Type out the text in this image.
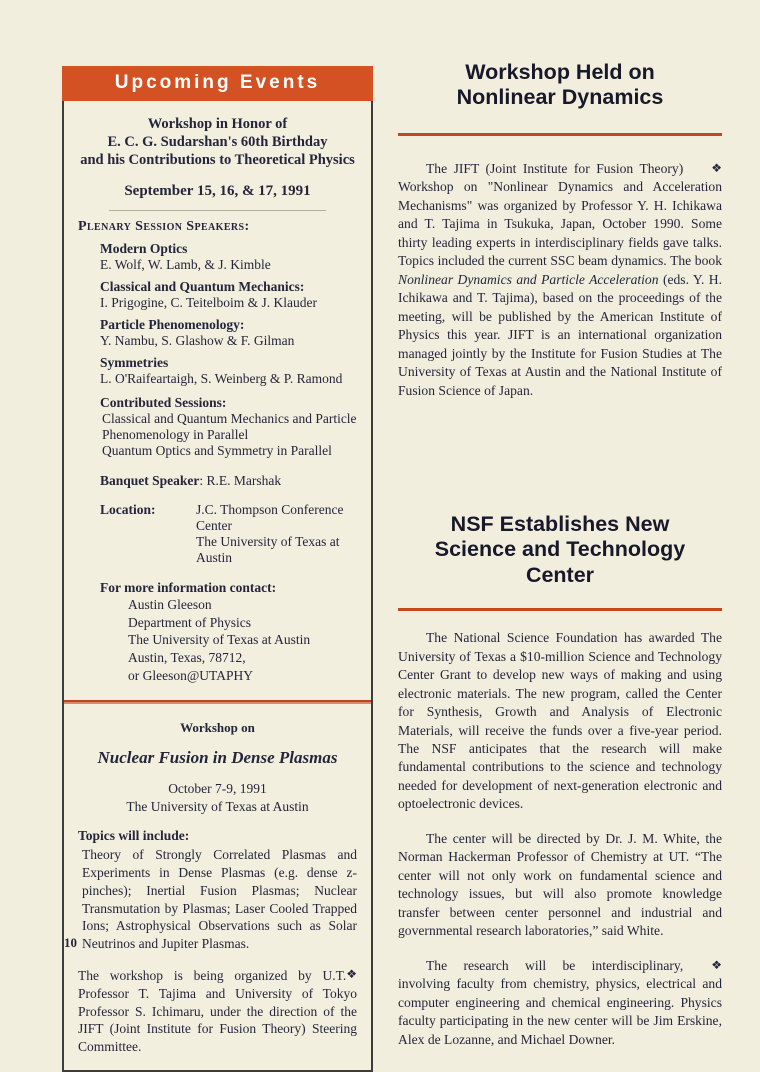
Upcoming Events
Workshop in Honor of
E. C. G. Sudarshan's 60th Birthday
and his Contributions to Theoretical Physics
September 15, 16, & 17, 1991
Plenary Session Speakers:
Modern Optics
E. Wolf, W. Lamb, & J. Kimble
Classical and Quantum Mechanics:
I. Prigogine, C. Teitelboim & J. Klauder
Particle Phenomenology:
Y. Nambu, S. Glashow & F. Gilman
Symmetries
L. O'Raifeartaigh, S. Weinberg & P. Ramond
Contributed Sessions:
Classical and Quantum Mechanics and Particle Phenomenology in Parallel
Quantum Optics and Symmetry in Parallel
Banquet Speaker: R.E. Marshak
Location:	J.C. Thompson Conference Center
The University of Texas at Austin
For more information contact:
Austin Gleeson
Department of Physics
The University of Texas at Austin
Austin, Texas, 78712,
or Gleeson@UTAPHY
Workshop on
Nuclear Fusion in Dense Plasmas
October 7-9, 1991
The University of Texas at Austin
Topics will include:
Theory of Strongly Correlated Plasmas and Experiments in Dense Plasmas (e.g. dense z-pinches); Inertial Fusion Plasmas; Nuclear Transmutation by Plasmas; Laser Cooled Trapped Ions; Astrophysical Observations such as Solar Neutrinos and Jupiter Plasmas.
❖
The workshop is being organized by U.T. Professor T. Tajima and University of Tokyo Professor S. Ichimaru, under the direction of the JIFT (Joint Institute for Fusion Theory) Steering Committee.
Workshop Held on
Nonlinear Dynamics

❖
The JIFT (Joint Institute for Fusion Theory) Workshop on "Nonlinear Dynamics and Acceleration Mechanisms" was organized by Professor Y. H. Ichikawa and T. Tajima in Tsukuka, Japan, October 1990. Some thirty leading experts in interdisciplinary fields gave talks. Topics included the current SSC beam dynamics. The book Nonlinear Dynamics and Particle Acceleration (eds. Y. H. Ichikawa and T. Tajima), based on the proceedings of the meeting, will be published by the American Institute of Physics this year. JIFT is an international organization managed jointly by the Institute for Fusion Studies at The University of Texas at Austin and the National Institute of Fusion Science of Japan.

NSF Establishes New
Science and Technology
Center

The National Science Foundation has awarded The University of Texas a $10-million Science and Technology Center Grant to develop new ways of making and using electronic materials. The new program, called the Center for Synthesis, Growth and Analysis of Electronic Materials, will receive the funds over a five-year period. The NSF anticipates that the research will make fundamental contributions to the science and technology needed for development of next-generation electronic and optoelectronic devices.

The center will be directed by Dr. J. M. White, the Norman Hackerman Professor of Chemistry at UT. “The center will not only work on fundamental science and technology issues, but will also promote knowledge transfer between center personnel and industrial and governmental research laboratories,” said White.

❖
The research will be interdisciplinary, involving faculty from chemistry, physics, electrical and computer engineering and chemical engineering. Physics faculty participating in the new center will be Jim Erskine, Alex de Lozanne, and Michael Downer.

10
